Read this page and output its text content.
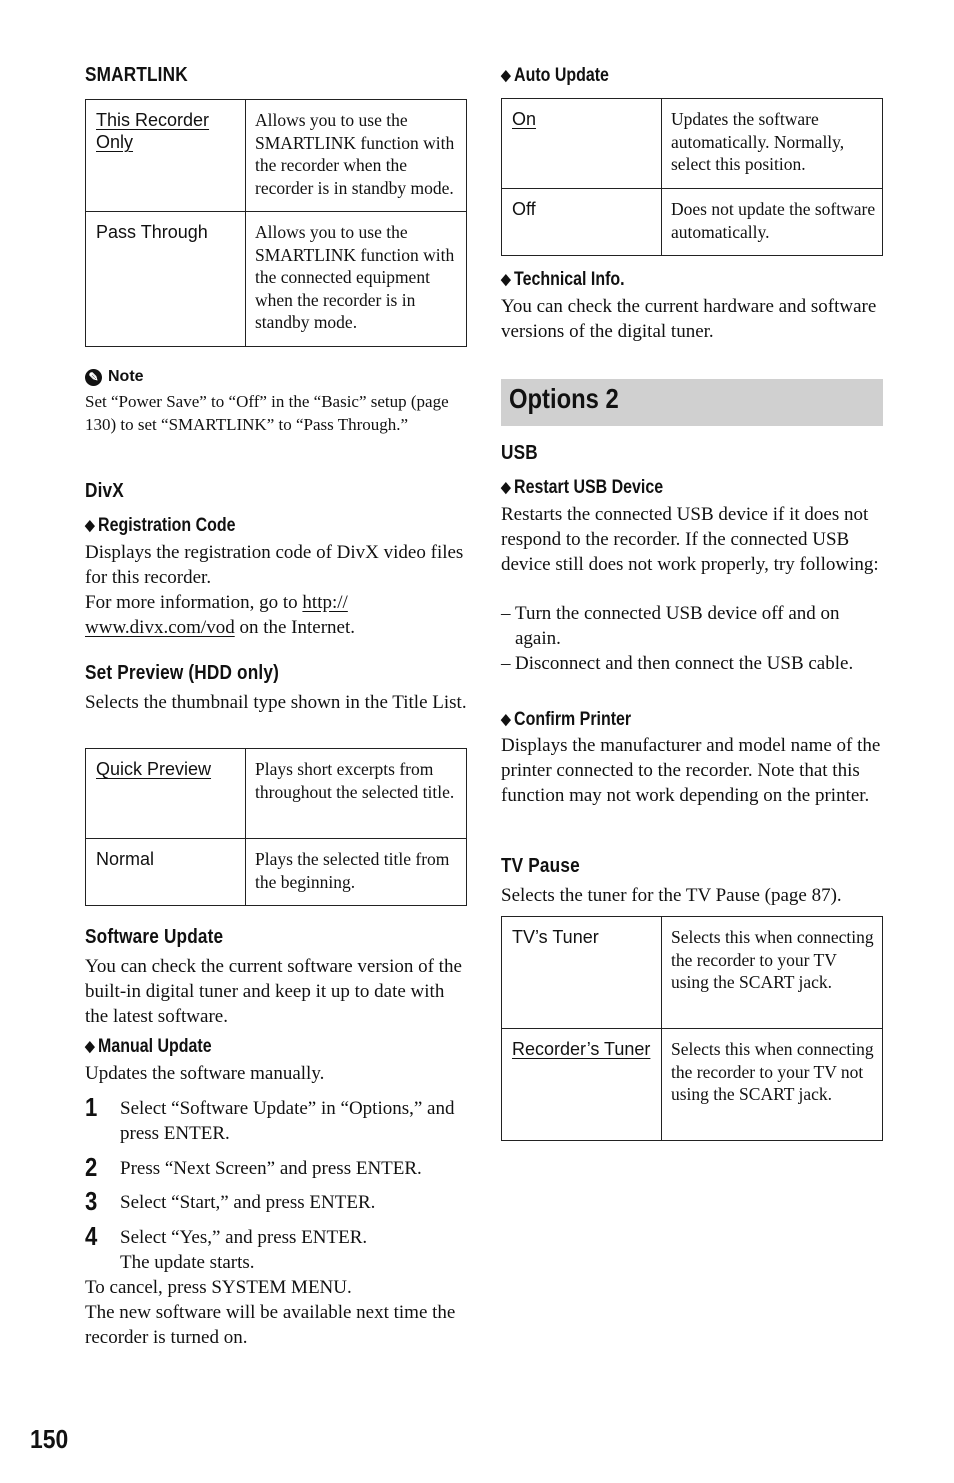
SMARTLINK
This Recorder Only	Allows you to use the SMARTLINK function with the recorder when the recorder is in standby mode.
Pass Through	Allows you to use the SMARTLINK function with the connected equipment when the recorder is in standby mode.
✎ Note
Set “Power Save” to “Off” in the “Basic” setup (page 130) to set “SMARTLINK” to “Pass Through.”
DivX
◆ Registration Code
Displays the registration code of DivX video files for this recorder.
For more information, go to http://
www.divx.com/vod on the Internet.
Set Preview (HDD only)
Selects the thumbnail type shown in the Title List.
Quick Preview	Plays short excerpts from throughout the selected title.
Normal	Plays the selected title from the beginning.
Software Update
You can check the current software version of the built-in digital tuner and keep it up to date with the latest software.
◆ Manual Update
Updates the software manually.
1 Select “Software Update” in “Options,” and press ENTER.
2 Press “Next Screen” and press ENTER.
3 Select “Start,” and press ENTER.
4 Select “Yes,” and press ENTER.
The update starts.
To cancel, press SYSTEM MENU.
The new software will be available next time the recorder is turned on.
◆ Auto Update
On	Updates the software automatically. Normally, select this position.
Off	Does not update the software automatically.
◆ Technical Info.
You can check the current hardware and software versions of the digital tuner.
USB
◆ Restart USB Device
Restarts the connected USB device if it does not respond to the recorder. If the connected USB device still does not work properly, try following:
– Turn the connected USB device off and on again.
– Disconnect and then connect the USB cable.
◆ Confirm Printer
Displays the manufacturer and model name of the printer connected to the recorder. Note that this function may not work depending on the printer.
TV Pause
Selects the tuner for the TV Pause (page 87).
TV’s Tuner	Selects this when connecting the recorder to your TV using the SCART jack.
Recorder’s Tuner	Selects this when connecting the recorder to your TV not using the SCART jack.
Options 2
150
